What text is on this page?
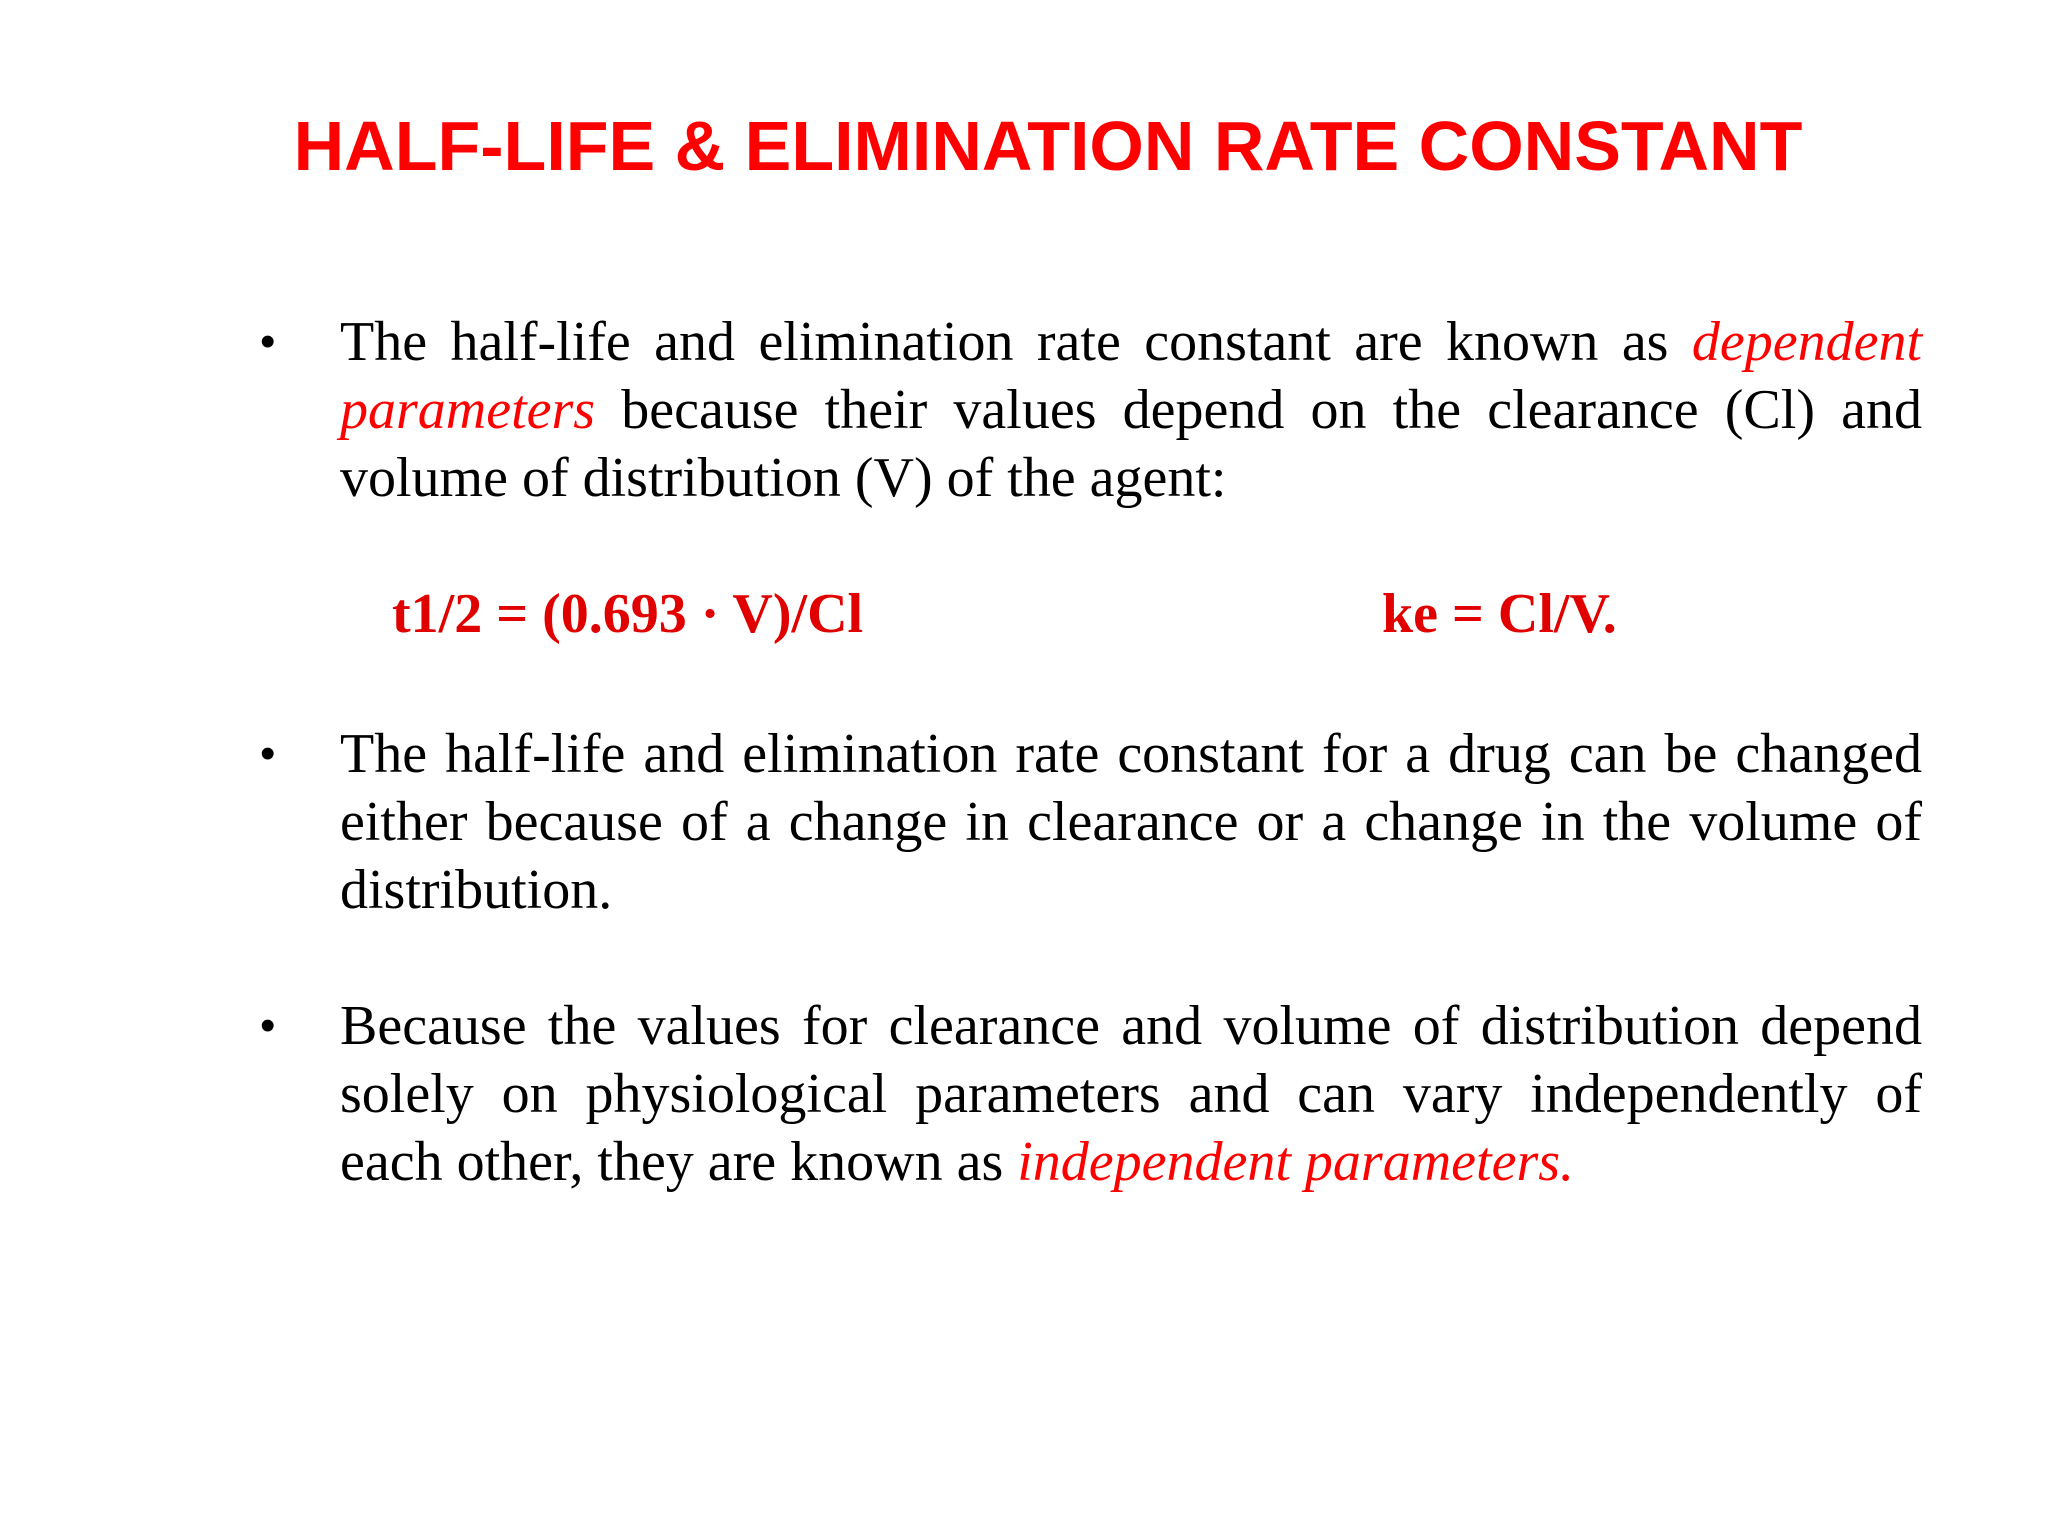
HALF-LIFE & ELIMINATION RATE CONSTANT
• The half-life and elimination rate constant are known as dependent parameters because their values depend on the clearance (Cl) and volume of distribution (V) of the agent:
t1/2 = (0.693 · V)/Cl	ke = Cl/V.
• The half-life and elimination rate constant for a drug can be changed either because of a change in clearance or a change in the volume of distribution.
• Because the values for clearance and volume of distribution depend solely on physiological parameters and can vary independently of each other, they are known as independent parameters.
